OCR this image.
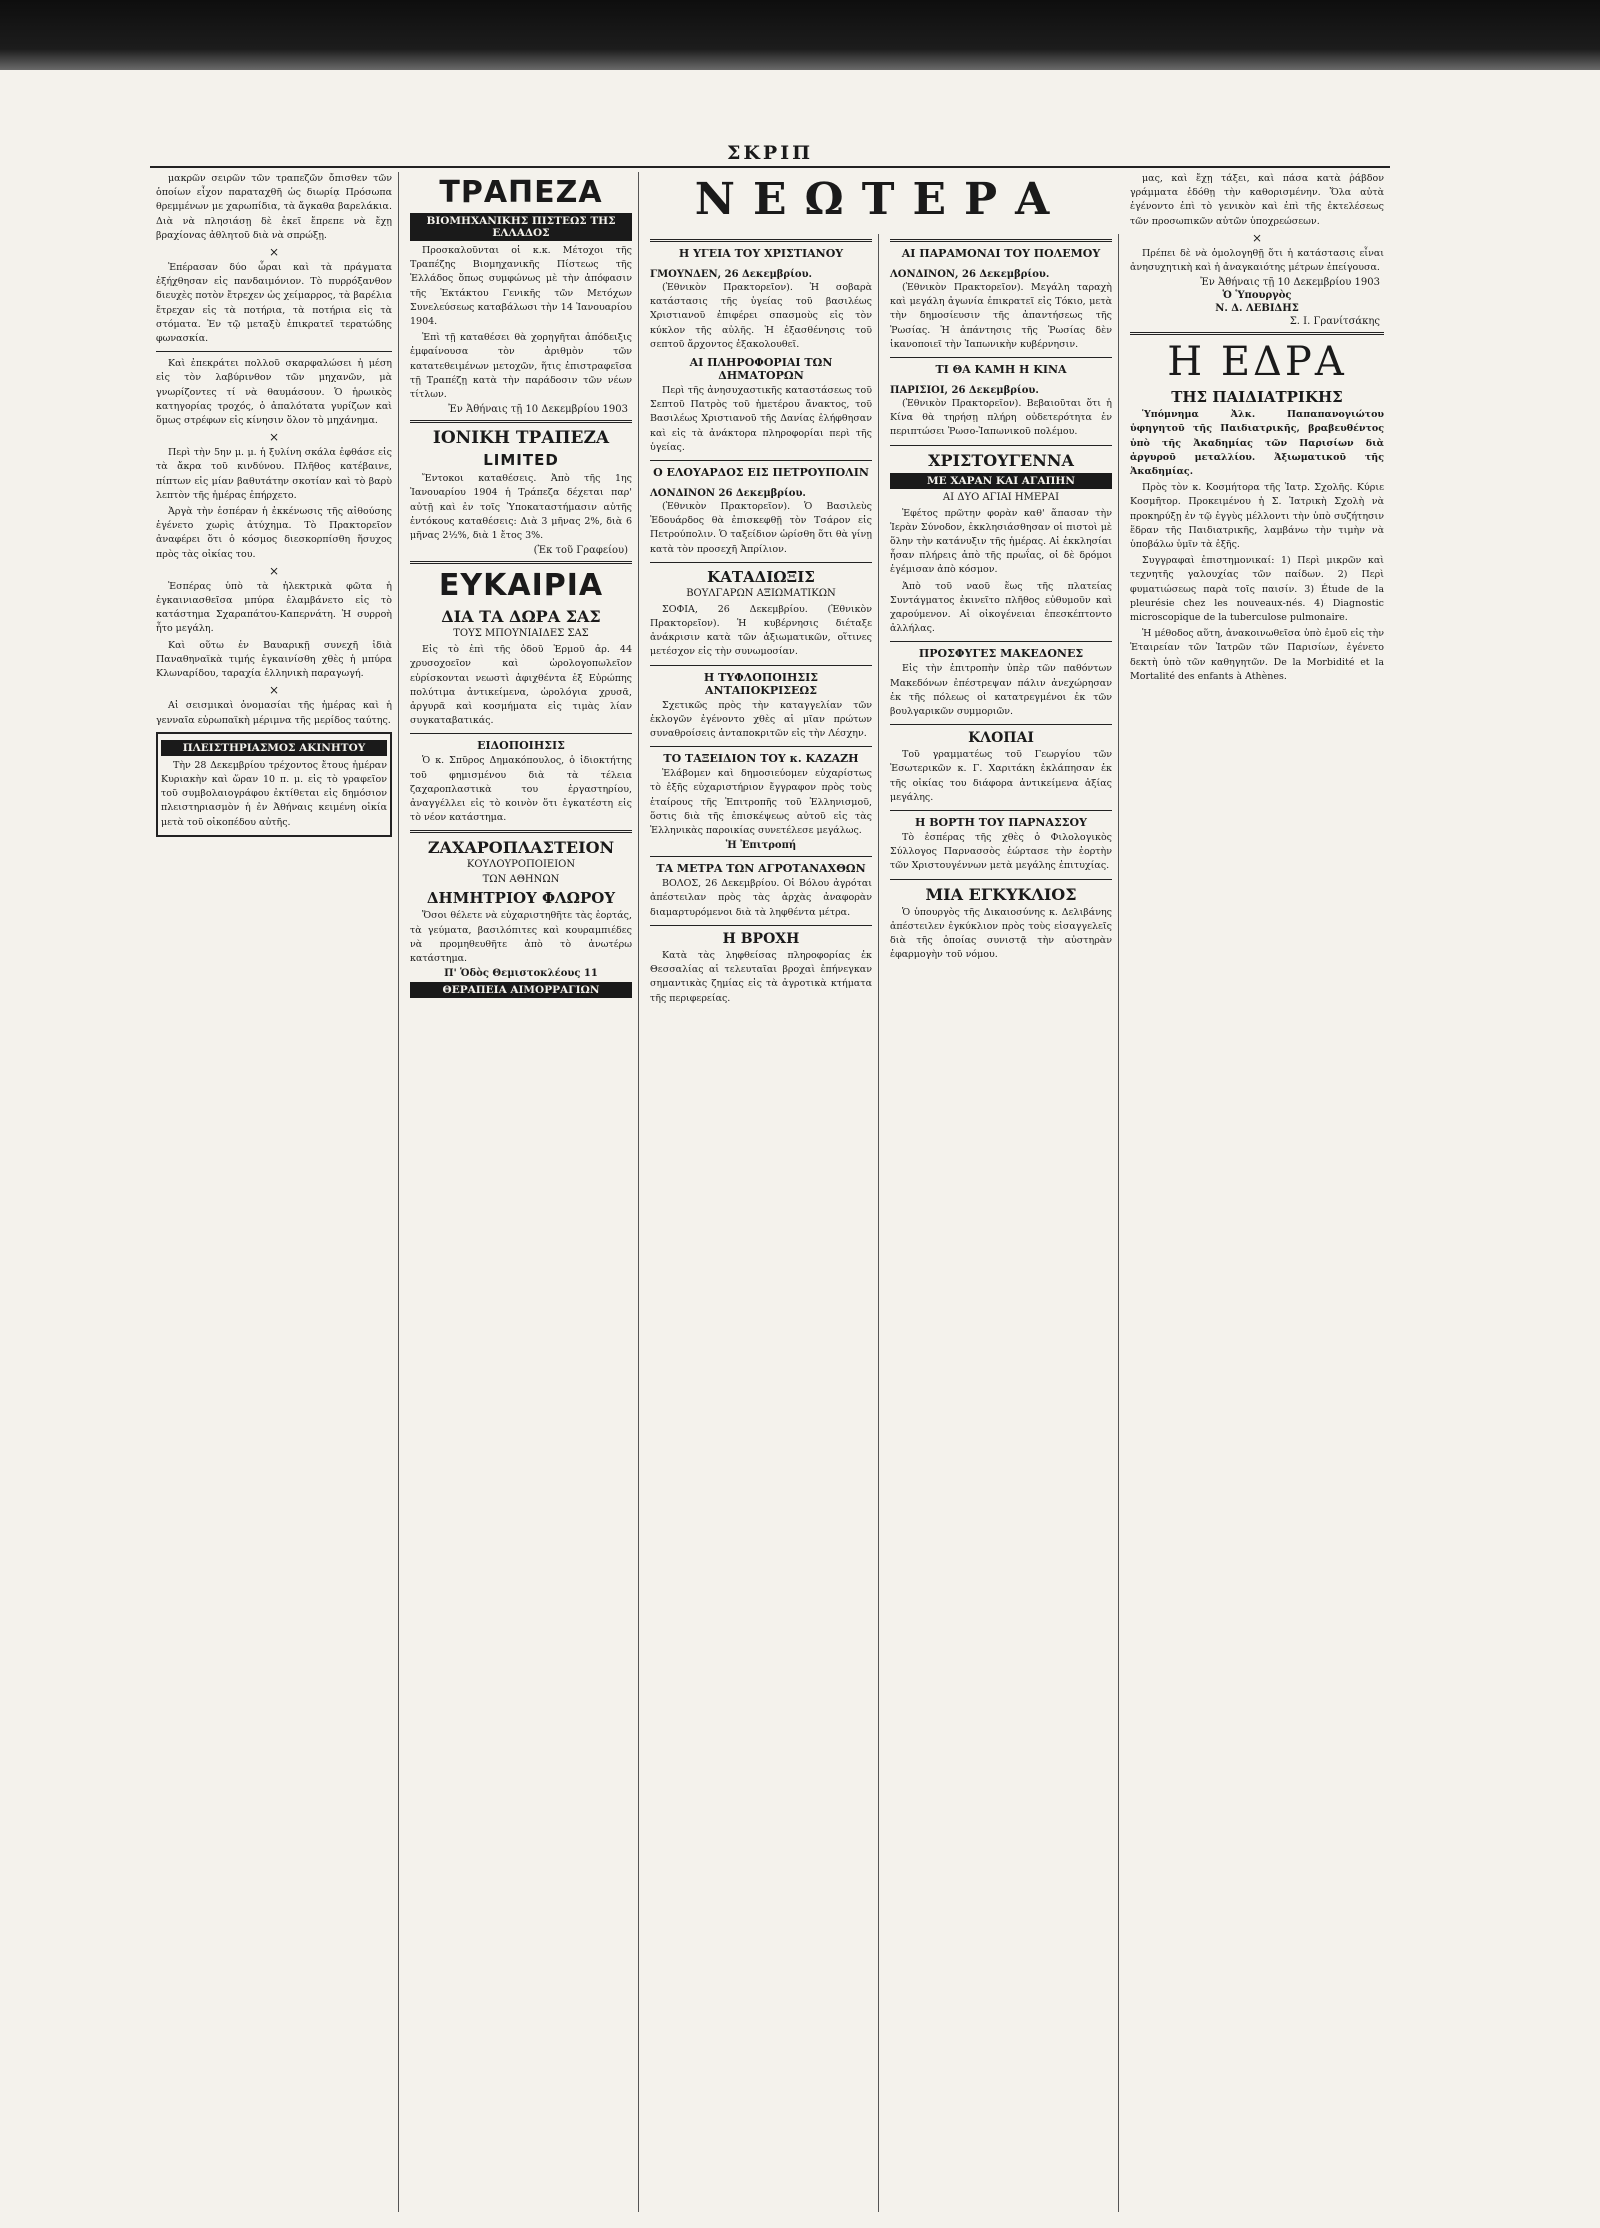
ΣΚΡΙΠ

μακρῶν σειρῶν τῶν τραπεζῶν ὄπισθεν τῶν ὁποίων εἶχον παραταχθῆ ὡς διωρίᾳ Πρόσωπα θρεμμένων με χαρωπίδια, τὰ ἄγκαθα βαρελάκια. Διὰ νὰ πλησιάσῃ δὲ ἐκεῖ ἔπρεπε νὰ ἔχῃ βραχίονας ἀθλητοῦ διὰ νὰ σπρώξῃ.

×

Ἐπέρασαν δύο ὧραι καὶ τὰ πράγματα ἐξήχθησαν εἰς πανδαιμόνιον. Τὸ πυρρόξανθον διευχὲς ποτὸν ἔτρεχεν ὡς χείμαρρος, τὰ βαρέλια ἔτρεχαν εἰς τὰ ποτήρια, τὰ ποτήρια εἰς τὰ στόματα. Ἐν τῷ μεταξὺ ἐπικρατεῖ τερατώδης φωνασκία.

Καὶ ἐπεκράτει πολλοῦ σκαρφαλώσει ἡ μέση εἰς τὸν λαβύρινθον τῶν μηχανῶν, μὰ γνωρίζοντες τί νὰ θαυμάσουν. Ὁ ἡρωικὸς κατηγορίας τροχός, ὁ ἀπαλότατα γυρίζων καὶ ὅμως στρέφων εἰς κίνησιν ὅλον τὸ μηχάνημα.

×

Περὶ τὴν 5ην μ. μ. ἡ ξυλίνη σκάλα ἐφθάσε εἰς τὰ ἄκρα τοῦ κινδύνου. Πλῆθος κατέβαινε, πίπτων εἰς μίαν βαθυτάτην σκοτίαν καὶ τὸ βαρὺ λεπτὸν τῆς ἡμέρας ἐπήρχετο.

Ἀργὰ τὴν ἑσπέραν ἡ ἐκκένωσις τῆς αἰθούσης ἐγένετο χωρὶς ἀτύχημα. Τὸ Πρακτορεῖον ἀναφέρει ὅτι ὁ κόσμος διεσκορπίσθη ἥσυχος πρὸς τὰς οἰκίας του.

×

Ἐσπέρας ὑπὸ τὰ ἠλεκτρικὰ φῶτα ἡ ἐγκαινιασθεῖσα μπύρα ἐλαμβάνετο εἰς τὸ κατάστημα Σχαραπάτου-Καπερνάτη. Ἡ συρροὴ ἦτο μεγάλη.

Καὶ οὕτω ἐν Βαυαρικῇ συνεχῆ ἰδιὰ Παναθηναϊκὰ τιμής ἐγκαινίσθη χθὲς ἡ μπύρα Κλωναρίδου, ταραχία ἑλληνικὴ παραγωγή.

×

Αἱ σεισμικαὶ ὀνομασίαι τῆς ἡμέρας καὶ ἡ γενναῖα εὐρωπαϊκὴ μέριμνα τῆς μερίδος ταύτης.

ΠΛΕΙΣΤΗΡΙΑΣΜΟΣ ΑΚΙΝΗΤΟΥ

Τὴν 28 Δεκεμβρίου τρέχοντος ἔτους ἡμέραν Κυριακὴν καὶ ὥραν 10 π. μ. εἰς τὸ γραφεῖον τοῦ συμβολαιογράφου ἐκτίθεται εἰς δημόσιον πλειστηριασμὸν ἡ ἐν Ἀθήναις κειμένη οἰκία μετὰ τοῦ οἰκοπέδου αὐτῆς.

ΤΡΑΠΕΖΑ
ΒΙΟΜΗΧΑΝΙΚΗΣ ΠΙΣΤΕΩΣ ΤΗΣ ΕΛΛΑΔΟΣ

Προσκαλοῦνται οἱ κ.κ. Μέτοχοι τῆς Τραπέζης Βιομηχανικῆς Πίστεως τῆς Ἑλλάδος ὅπως συμφώνως μὲ τὴν ἀπόφασιν τῆς Ἐκτάκτου Γενικῆς τῶν Μετόχων Συνελεύσεως καταβάλωσι τὴν 14 Ἰανουαρίου 1904.

Ἐπὶ τῇ καταθέσει θὰ χορηγῆται ἀπόδειξις ἐμφαίνουσα τὸν ἀριθμὸν τῶν κατατεθειμένων μετοχῶν, ἥτις ἐπιστραφεῖσα τῇ Τραπέζῃ κατὰ τὴν παράδοσιν τῶν νέων τίτλων.

Ἐν Ἀθήναις τῇ 10 Δεκεμβρίου 1903
ΙΟΝΙΚΗ ΤΡΑΠΕΖΑ
LIMITED

Ἔντοκοι καταθέσεις. Ἀπὸ τῆς 1ης Ἰανουαρίου 1904 ἡ Τράπεζα δέχεται παρ' αὐτῇ καὶ ἐν τοῖς Ὑποκαταστήμασιν αὐτῆς ἐντόκους καταθέσεις: Διὰ 3 μῆνας 2%, διὰ 6 μῆνας 2½%, διὰ 1 ἔτος 3%.

(Ἐκ τοῦ Γραφείου)
ΕΥΚΑΙΡΙΑ
ΔΙΑ ΤΑ ΔΩΡΑ ΣΑΣ
ΤΟΥΣ ΜΠΟΥΝΙΑΙΔΕΣ ΣΑΣ

Εἰς τὸ ἐπὶ τῆς ὁδοῦ Ἑρμοῦ ἀρ. 44 χρυσοχοεῖον καὶ ὡρολογοπωλεῖον εὑρίσκονται νεωστὶ ἀφιχθέντα ἐξ Εὐρώπης πολύτιμα ἀντικείμενα, ὡρολόγια χρυσᾶ, ἀργυρᾶ καὶ κοσμήματα εἰς τιμὰς λίαν συγκαταβατικάς.

ΕΙΔΟΠΟΙΗΣΙΣ

Ὁ κ. Σπῦρος Δημακόπουλος, ὁ ἰδιοκτήτης τοῦ φημισμένου διὰ τὰ τέλεια ζαχαροπλαστικὰ του ἐργαστηρίου, ἀναγγέλλει εἰς τὸ κοινὸν ὅτι ἐγκατέστη εἰς τὸ νέον κατάστημα.

ΖΑΧΑΡΟΠΛΑΣΤΕΙΟΝ
ΚΟΥΛΟΥΡΟΠΟΙΕΙΟΝ
ΤΩΝ ΑΘΗΝΩΝ
ΔΗΜΗΤΡΙΟΥ ΦΛΩΡΟΥ

Ὅσοι θέλετε νὰ εὐχαριστηθῆτε τὰς ἑορτάς, τὰ γεύματα, βασιλόπιτες καὶ κουραμπιέδες νὰ προμηθευθῆτε ἀπὸ τὸ ἀνωτέρω κατάστημα.

Π' Ὁδὸς Θεμιστοκλέους 11
ΘΕΡΑΠΕΙΑ ΑΙΜΟΡΡΑΓΙΩΝ
ΝΕΩΤΕΡΑ
Η ΥΓΕΙΑ ΤΟΥ ΧΡΙΣΤΙΑΝΟΥ
ΓΜΟΥΝΔΕΝ, 26 Δεκεμβρίου.

(Ἐθνικὸν Πρακτορεῖον). Ἡ σοβαρὰ κατάστασις τῆς ὑγείας τοῦ βασιλέως Χριστιανοῦ ἐπιφέρει σπασμοὺς εἰς τὸν κύκλον τῆς αὐλῆς. Ἡ ἐξασθένησις τοῦ σεπτοῦ ἄρχοντος ἐξακολουθεῖ.

ΑΙ ΠΛΗΡΟΦΟΡΙΑΙ ΤΩΝ ΔΗΜΑΤΟΡΩΝ

Περὶ τῆς ἀνησυχαστικῆς καταστάσεως τοῦ Σεπτοῦ Πατρὸς τοῦ ἡμετέρου ἄνακτος, τοῦ Βασιλέως Χριστιανοῦ τῆς Δανίας ἐλήφθησαν καὶ εἰς τὰ ἀνάκτορα πληροφορίαι περὶ τῆς ὑγείας.

Ο ΕΛΟΥΑΡΔΟΣ ΕΙΣ ΠΕΤΡΟΥΠΟΛΙΝ
ΛΟΝΔΙΝΟΝ 26 Δεκεμβρίου.

(Ἐθνικὸν Πρακτορεῖον). Ὁ Βασιλεὺς Ἐδουάρδος θὰ ἐπισκεφθῇ τὸν Τσάρον εἰς Πετρούπολιν. Ὁ ταξείδιον ὡρίσθη ὅτι θὰ γίνῃ κατὰ τὸν προσεχῆ Ἀπρίλιον.

ΚΑΤΑΔΙΩΞΙΣ
ΒΟΥΛΓΑΡΩΝ ΑΞΙΩΜΑΤΙΚΩΝ

ΣΟΦΙΑ, 26 Δεκεμβρίου. (Ἐθνικὸν Πρακτορεῖον). Ἡ κυβέρνησις διέταξε ἀνάκρισιν κατὰ τῶν ἀξιωματικῶν, οἵτινες μετέσχον εἰς τὴν συνωμοσίαν.

Η ΤΥΦΛΟΠΟΙΗΣΙΣ ΑΝΤΑΠΟΚΡΙΣΕΩΣ

Σχετικῶς πρὸς τὴν καταγγελίαν τῶν ἐκλογῶν ἐγένοντο χθὲς αἱ μῖαν πρώτων συναθροίσεις ἀνταποκριτῶν εἰς τὴν Λέσχην.

ΤΟ ΤΑΞΕΙΔΙΟΝ ΤΟΥ κ. ΚΑΖΑΖΗ

Ἐλάβομεν καὶ δημοσιεύομεν εὐχαρίστως τὸ ἑξῆς εὐχαριστήριον ἔγγραφον πρὸς τοὺς ἑταίρους τῆς Ἐπιτροπῆς τοῦ Ἑλληνισμοῦ, ὅστις διὰ τῆς ἐπισκέψεως αὐτοῦ εἰς τὰς Ἑλληνικὰς παροικίας συνετέλεσε μεγάλως.

Ἡ Ἐπιτροπή
ΤΑ ΜΕΤΡΑ ΤΩΝ ΑΓΡΟΤΑΝΑΧΘΩΝ

ΒΟΛΟΣ, 26 Δεκεμβρίου. Οἱ Βόλου ἀγρόται ἀπέστειλαν πρὸς τὰς ἀρχὰς ἀναφορὰν διαμαρτυρόμενοι διὰ τὰ ληφθέντα μέτρα.

Η ΒΡΟΧΗ

Κατὰ τὰς ληφθείσας πληροφορίας ἐκ Θεσσαλίας αἱ τελευταῖαι βροχαὶ ἐπήνεγκαν σημαντικὰς ζημίας εἰς τὰ ἀγροτικὰ κτήματα τῆς περιφερείας.

ΑΙ ΠΑΡΑΜΟΝΑΙ ΤΟΥ ΠΟΛΕΜΟΥ
ΛΟΝΔΙΝΟΝ, 26 Δεκεμβρίου.

(Ἐθνικὸν Πρακτορεῖον). Μεγάλη ταραχὴ καὶ μεγάλη ἀγωνία ἐπικρατεῖ εἰς Τόκιο, μετὰ τὴν δημοσίευσιν τῆς ἀπαντήσεως τῆς Ῥωσίας. Ἡ ἀπάντησις τῆς Ῥωσίας δὲν ἱκανοποιεῖ τὴν Ἰαπωνικὴν κυβέρνησιν.

ΤΙ ΘΑ ΚΑΜΗ Η ΚΙΝΑ
ΠΑΡΙΣΙΟΙ, 26 Δεκεμβρίου.

(Ἐθνικὸν Πρακτορεῖον). Βεβαιοῦται ὅτι ἡ Κίνα θὰ τηρήσῃ πλήρη οὐδετερότητα ἐν περιπτώσει Ῥωσο-Ἰαπωνικοῦ πολέμου.

ΧΡΙΣΤΟΥΓΕΝΝΑ
ΜΕ ΧΑΡΑΝ ΚΑΙ ΑΓΑΠΗΝ
ΑΙ ΔΥΟ ΑΓΙΑΙ ΗΜΕΡΑΙ

Ἐφέτος πρῶτην φορὰν καθ' ἅπασαν τὴν Ἱερὰν Σύνοδον, ἐκκλησιάσθησαν οἱ πιστοὶ μὲ ὅλην τὴν κατάνυξιν τῆς ἡμέρας. Αἱ ἐκκλησίαι ἦσαν πλήρεις ἀπὸ τῆς πρωΐας, οἱ δὲ δρόμοι ἐγέμισαν ἀπὸ κόσμον.

Ἀπὸ τοῦ ναοῦ ἕως τῆς πλατείας Συντάγματος ἐκινεῖτο πλῆθος εὐθυμοῦν καὶ χαρούμενον. Αἱ οἰκογένειαι ἐπεσκέπτοντο ἀλλήλας.

ΠΡΟΣΦΥΓΕΣ ΜΑΚΕΔΟΝΕΣ

Εἰς τὴν ἐπιτροπὴν ὑπὲρ τῶν παθόντων Μακεδόνων ἐπέστρεψαν πάλιν ἀνεχώρησαν ἐκ τῆς πόλεως οἱ κατατρεγμένοι ἐκ τῶν βουλγαρικῶν συμμοριῶν.

ΚΛΟΠΑΙ

Τοῦ γραμματέως τοῦ Γεωργίου τῶν Ἐσωτερικῶν κ. Γ. Χαριτάκη ἐκλάπησαν ἐκ τῆς οἰκίας του διάφορα ἀντικείμενα ἀξίας μεγάλης.

Η ΒΟΡΤΗ ΤΟΥ ΠΑΡΝΑΣΣΟΥ

Τὸ ἑσπέρας τῆς χθὲς ὁ Φιλολογικὸς Σύλλογος Παρνασσὸς ἐώρτασε τὴν ἑορτὴν τῶν Χριστουγέννων μετὰ μεγάλης ἐπιτυχίας.

ΜΙΑ ΕΓΚΥΚΛΙΟΣ

Ὁ ὑπουργὸς τῆς Δικαιοσύνης κ. Δελιβάνης ἀπέστειλεν ἐγκύκλιον πρὸς τοὺς εἰσαγγελεῖς διὰ τῆς ὁποίας συνιστᾷ τὴν αὐστηρὰν ἐφαρμογὴν τοῦ νόμου.

μας, καὶ ἔχῃ τάξει, καὶ πάσα κατὰ ῥάβδον γράμματα ἐδόθῃ τὴν καθορισμένην. Ὅλα αὐτὰ ἐγένοντο ἐπὶ τὸ γενικὸν καὶ ἐπὶ τῆς ἐκτελέσεως τῶν προσωπικῶν αὐτῶν ὑποχρεώσεων.

×

Πρέπει δὲ νὰ ὁμολογηθῇ ὅτι ἡ κατάστασις εἶναι ἀνησυχητικὴ καὶ ἡ ἀναγκαιότης μέτρων ἐπείγουσα.

Ἐν Ἀθήναις τῇ 10 Δεκεμβρίου 1903
Ὁ Ὑπουργὸς
Ν. Δ. ΛΕΒΙΔΗΣ
Σ. Ι. Γρανίτσάκης
Η ΕΔΡΑ
ΤΗΣ ΠΑΙΔΙΑΤΡΙΚΗΣ

Ὑπόμνημα Ἀλκ. Παπαπανογιώτου ὑφηγητοῦ τῆς Παιδιατρικῆς, βραβευθέντος ὑπὸ τῆς Ἀκαδημίας τῶν Παρισίων διὰ ἀργυροῦ μεταλλίου. Ἀξιωματικοῦ τῆς Ἀκαδημίας.

Πρὸς τὸν κ. Κοσμήτορα τῆς Ἰατρ. Σχολῆς. Κύριε Κοσμῆτορ. Προκειμένου ἡ Σ. Ἰατρικὴ Σχολὴ νὰ προκηρύξῃ ἐν τῷ ἐγγὺς μέλλοντι τὴν ὑπὸ συζήτησιν ἕδραν τῆς Παιδιατρικῆς, λαμβάνω τὴν τιμὴν νὰ ὑποβάλω ὑμῖν τὰ ἑξῆς.

Συγγραφαὶ ἐπιστημονικαί: 1) Περὶ μικρῶν καὶ τεχνητῆς γαλουχίας τῶν παίδων. 2) Περὶ φυματιώσεως παρὰ τοῖς παισίν. 3) Étude de la pleurésie chez les nouveaux-nés. 4) Diagnostic microscopique de la tuberculose pulmonaire.

Ἡ μέθοδος αὕτη, ἀνακοινωθεῖσα ὑπὸ ἐμοῦ εἰς τὴν Ἑταιρείαν τῶν Ἰατρῶν τῶν Παρισίων, ἐγένετο δεκτὴ ὑπὸ τῶν καθηγητῶν. De la Morbidité et la Mortalité des enfants à Athènes.
